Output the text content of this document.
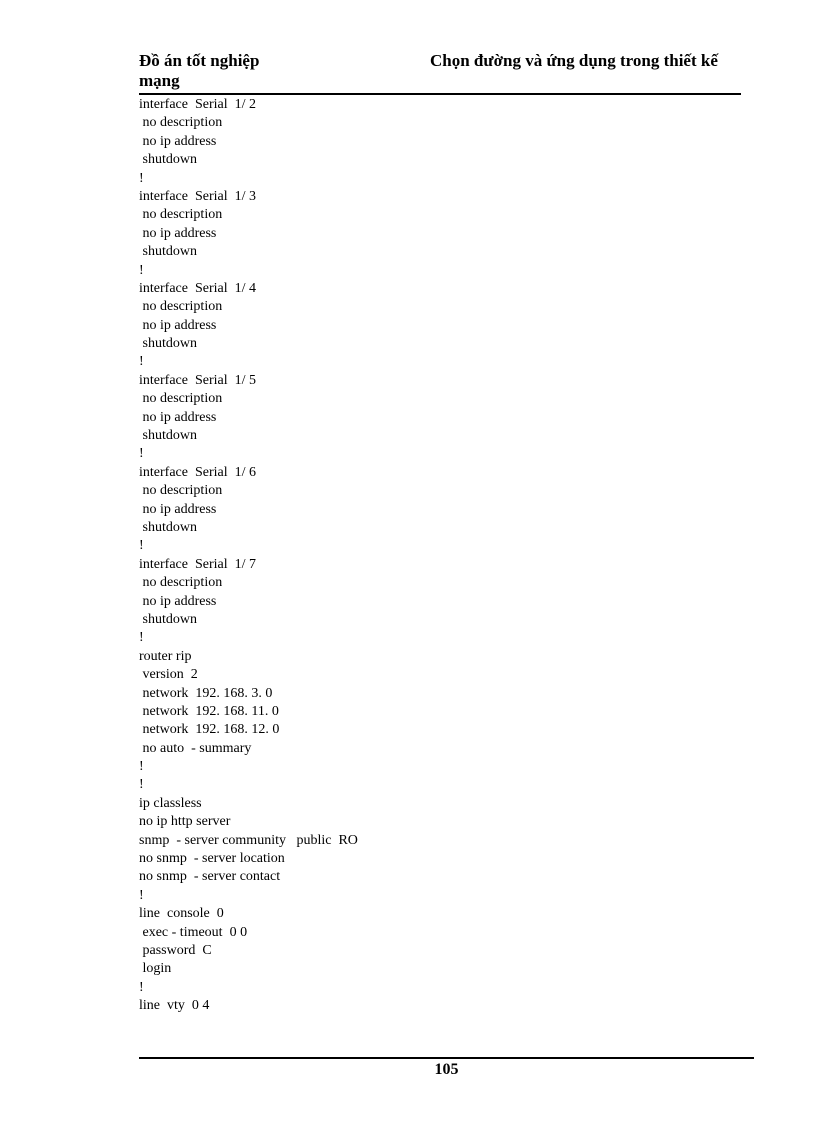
Đồ án tốt nghiệp
mạng
Chọn đường và ứng dụng trong thiết kế
interface  Serial  1/ 2
no description
no ip address
shutdown
!
interface  Serial  1/ 3
no description
no ip address
shutdown
!
interface  Serial  1/ 4
no description
no ip address
shutdown
!
interface  Serial  1/ 5
no description
no ip address
shutdown
!
interface  Serial  1/ 6
no description
no ip address
shutdown
!
interface  Serial  1/ 7
no description
no ip address
shutdown
!
router rip
version  2
network  192. 168. 3. 0
network  192. 168. 11. 0
network  192. 168. 12. 0
no auto  - summary
!
!
ip classless
no ip http server
snmp  - server community   public  RO
no snmp  - server location
no snmp  - server contact
!
line  console  0
exec - timeout  0 0
password  C
login
!
line  vty  0 4
105
